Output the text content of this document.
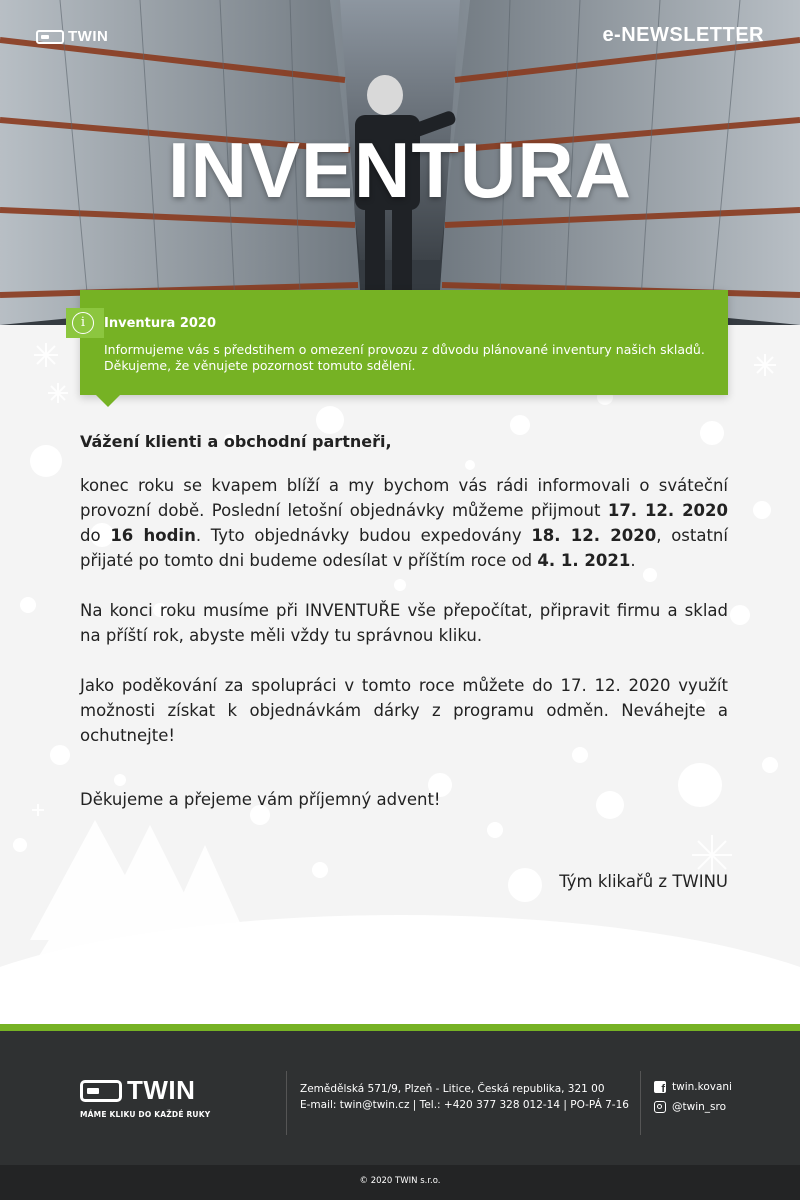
TWIN	e-NEWSLETTER
INVENTURA
i	Inventura 2020
Informujeme vás s předstihem o omezení provozu z důvodu plánované inventury našich skladů. Děkujeme, že věnujete pozornost tomuto sdělení.

Vážení klienti a obchodní partneři,

konec roku se kvapem blíží a my bychom vás rádi informovali o sváteční provozní době. Poslední letošní objednávky můžeme přijmout 17. 12. 2020 do 16 hodin. Tyto objednávky budou expedovány 18. 12. 2020, ostatní přijaté po tomto dni budeme odesílat v příštím roce od 4. 1. 2021.

Na konci roku musíme při INVENTUŘE vše přepočítat, připravit firmu a sklad na příští rok, abyste měli vždy tu správnou kliku.

Jako poděkování za spolupráci v tomto roce můžete do 17. 12. 2020 využít možnosti získat k objednávkám dárky z programu odměn. Neváhejte a ochutnejte!

Děkujeme a přejeme vám příjemný advent!
Tým klikařů z TWINU
TWIN
MÁME KLIKU DO KAŽDÉ RUKY
Zemědělská 571/9, Plzeň - Litice, Česká republika, 321 00
E-mail: twin@twin.cz | Tel.: +420 377 328 012-14 | PO-PÁ 7-16
f
twin.kovani
@twin_sro
© 2020 TWIN s.r.o.
